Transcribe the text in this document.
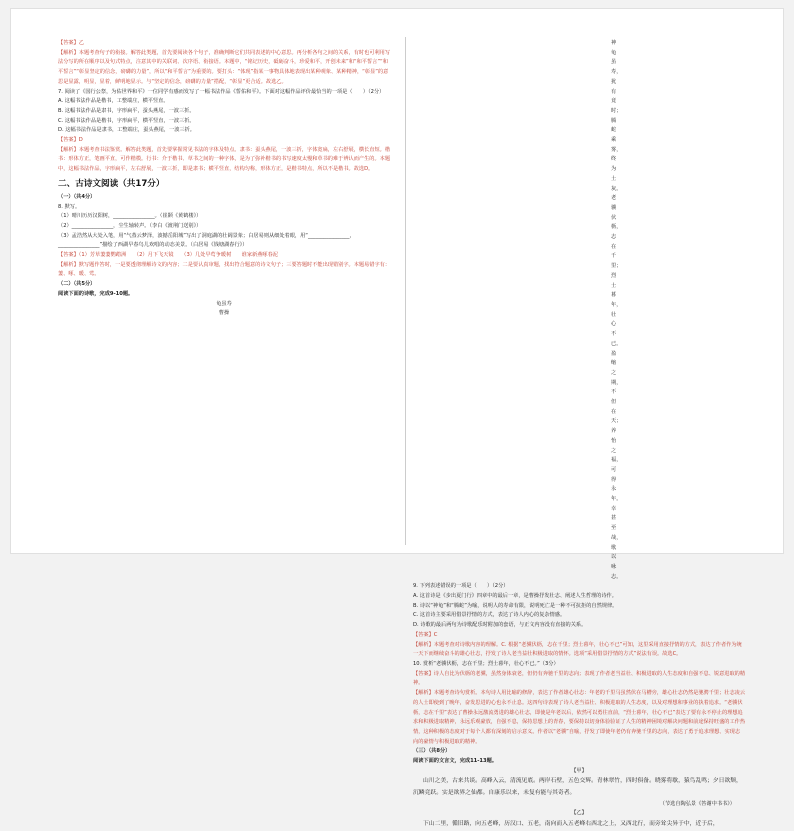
【答案】乙

【解析】本题考查句子的衔接。解答此类题，首先要阅读各个句子，准确判断它们共同表述的中心意思。再分析各句之间的关系，有时也可利用写法分写的所在顺序以及句式特点，注意其中的关联词、次序语、衔接语。本题中，“铭记历史，砥砺奋斗，珍爱和平，开创未来”和“和平誓言”“和平誓言”“彰显坚定的信念，磅礴的力量”，所以“和平誓言”为重要的。要打头：“体现”指某一事物具体地表现出某种观象、某种精神，“彰显”的意思是显露，明显，显着，鲜明地显示。与“坚定的信念，磅礴的力量”搭配，“彰显”更合适。故选乙。

7. 阅读了《国行公祭，为佑世界和平》一位同学有感而发写了一幅书法作品《誓佑和平》。下面对这幅作品评价最恰当的一项是（　　）（2分）

A. 这幅书法作品是楷书，工整端庄，横平竖直。

B. 这幅书法作品是隶书，字形扁平，蚕头燕尾，一波三折。

C. 这幅书法作品是楷书，字形扁平，横平竖直，一波三折。

D. 这幅书法作品是隶书，工整端庄，蚕头燕尾，一波三折。

【答案】D

【解析】本题考查书法鉴赏。解答此类题，首先要掌握常见书法的字体及特点。隶书：蚕头燕尾，一波三折，字体宽扁，左右舒展，横长直短。楷书：形体方正，笔画平直，可作楷模。行书：介于楷书、草书之间的一种字体，是为了弥补楷书的书写速度太慢和草书的难于辨认而产生的。本题中，这幅书法作品，字形扁平，左右舒展，一波三折，即是隶书；横平竖直，结构匀称，形体方正，是楷书特点，所以不是楷书。故选D。

二、古诗文阅读（共17分）

（一）（共4分）

8. 默写。

（1）晴川历历汉阳树，________________。（崔颢《黄鹤楼》）

（2）________________，尘生轴转声。（李白《渡荆门送别》）

（3）孟浩然从大处入笔，用“气蒸云梦泽，波撼岳阳城”写出了洞庭湖的壮阔景象；白居易则从细处着眼，用“________________，________________”描绘了西湖早春鸟儿欢唱的动态美景。（白居易《钱塘湖春行》）

【答案】（1）芳草萋萋鹦鹉洲　　（2）月下飞天镜　　（3）几处早莺争暖树　　谁家新燕啄春泥

【解析】默写题作答时，一是要透彻理解诗文的内容；二是要认真审题，找出符合题意的诗文句子；三要答题时不能出现错别字。本题易错字有：萋、啄、暖、莺。

（二）（共5分）

阅读下面的诗歌，完成9-10题。

龟虽寿

曹操

神龟虽寿，犹有竟时；
腾蛇乘雾，终为土灰。
老骥伏枥，志在千里；
烈士暮年，壮心不已。
盈缩之期，不但在天；
养怡之福，可得永年。
幸甚至哉，歌以咏志。

9. 下列表述错误的一项是（　　）（2分）

A. 这首诗是《步出夏门行》四章中的最后一章，是曹操抒发壮志、阐述人生哲理的诗作。

B. 诗以“神龟”和“腾蛇”为喻，说明人的寿命有限，说明死亡是一种不可抗拒的自然规律。

C. 这首诗主要采用借景抒情的方式，表达了诗人内心的复杂情感。

D. 诗歌的最后两句为诗歌配乐时附加的套语，与正文内容没有直接的关系。

【答案】C

【解析】本题考查对诗歌内容的理解。C. 根据“老骥伏枥，志在千里；烈士暮年，壮心不已”可知，这里采用直接抒情的方式，表达了作者作为统一天下而继续奋斗的雄心壮志，抒发了诗人老当益壮积极进取的情怀。选项“采用借景抒情的方式”说法有误。故选C。

10. 赏析“老骥伏枥，志在千里；烈士暮年，壮心不已。”（3分）

【答案】诗人自比为伏枥的老骥，虽然身体衰老，但仍有奔驰千里的志向；表现了作者老当益壮、积极进取的人生态度和自强不息、锐意进取的精神。

【解析】本题考查诗句赏析。本句诗人用比喻的修辞，表达了作者雄心壮志：年老的千里马虽然伏在马槽旁，雄心壮志仍然是驰骋千里；壮志凌云的人士即使到了晚年，奋发思进的心也永不止息。这四句诗表现了诗人老当益壮、积极进取的人生态度，以及对理想和事业的执着追求。“老骥伏枥，志在千里”表达了曹操永远激流勇进的雄心壮志，即使是年老以后，依然可以勇往直前，“烈士暮年，壮心不已”表达了要有永不停止的理想追求和积极进取精神，永远乐观豪放，自强不息，保持思想上的青春，要保持以切身体验验证了人生的精神困境对解决问题和前途保持旺盛的工作热情，这种积极的态度对于每个人都有深刻的启示意义。作者以“老骥”自喻，抒发了即使年老仍有奔驰千里的志向，表达了勇于追求理想、实现志向的豪情与积极进取的精神。

（三）（共8分）

阅读下面的文言文，完成11-13题。

【甲】

山川之美，古来共谈。高峰入云，清流见底。两岸石壁，五色交辉。青林翠竹，四时俱备。晓雾将歇，猿鸟乱鸣；夕日欲颓，沉鳞竞跃。实是欲界之仙都。自康乐以来，未复有能与其奇者。

（节选自陶弘景《答谢中书书》）

【乙】

下山二里，循旧路，向五老峰，历汉口、五老，南向而入五老峰右西北之上，又西北行，而旁耸尖异于中，近于后，
